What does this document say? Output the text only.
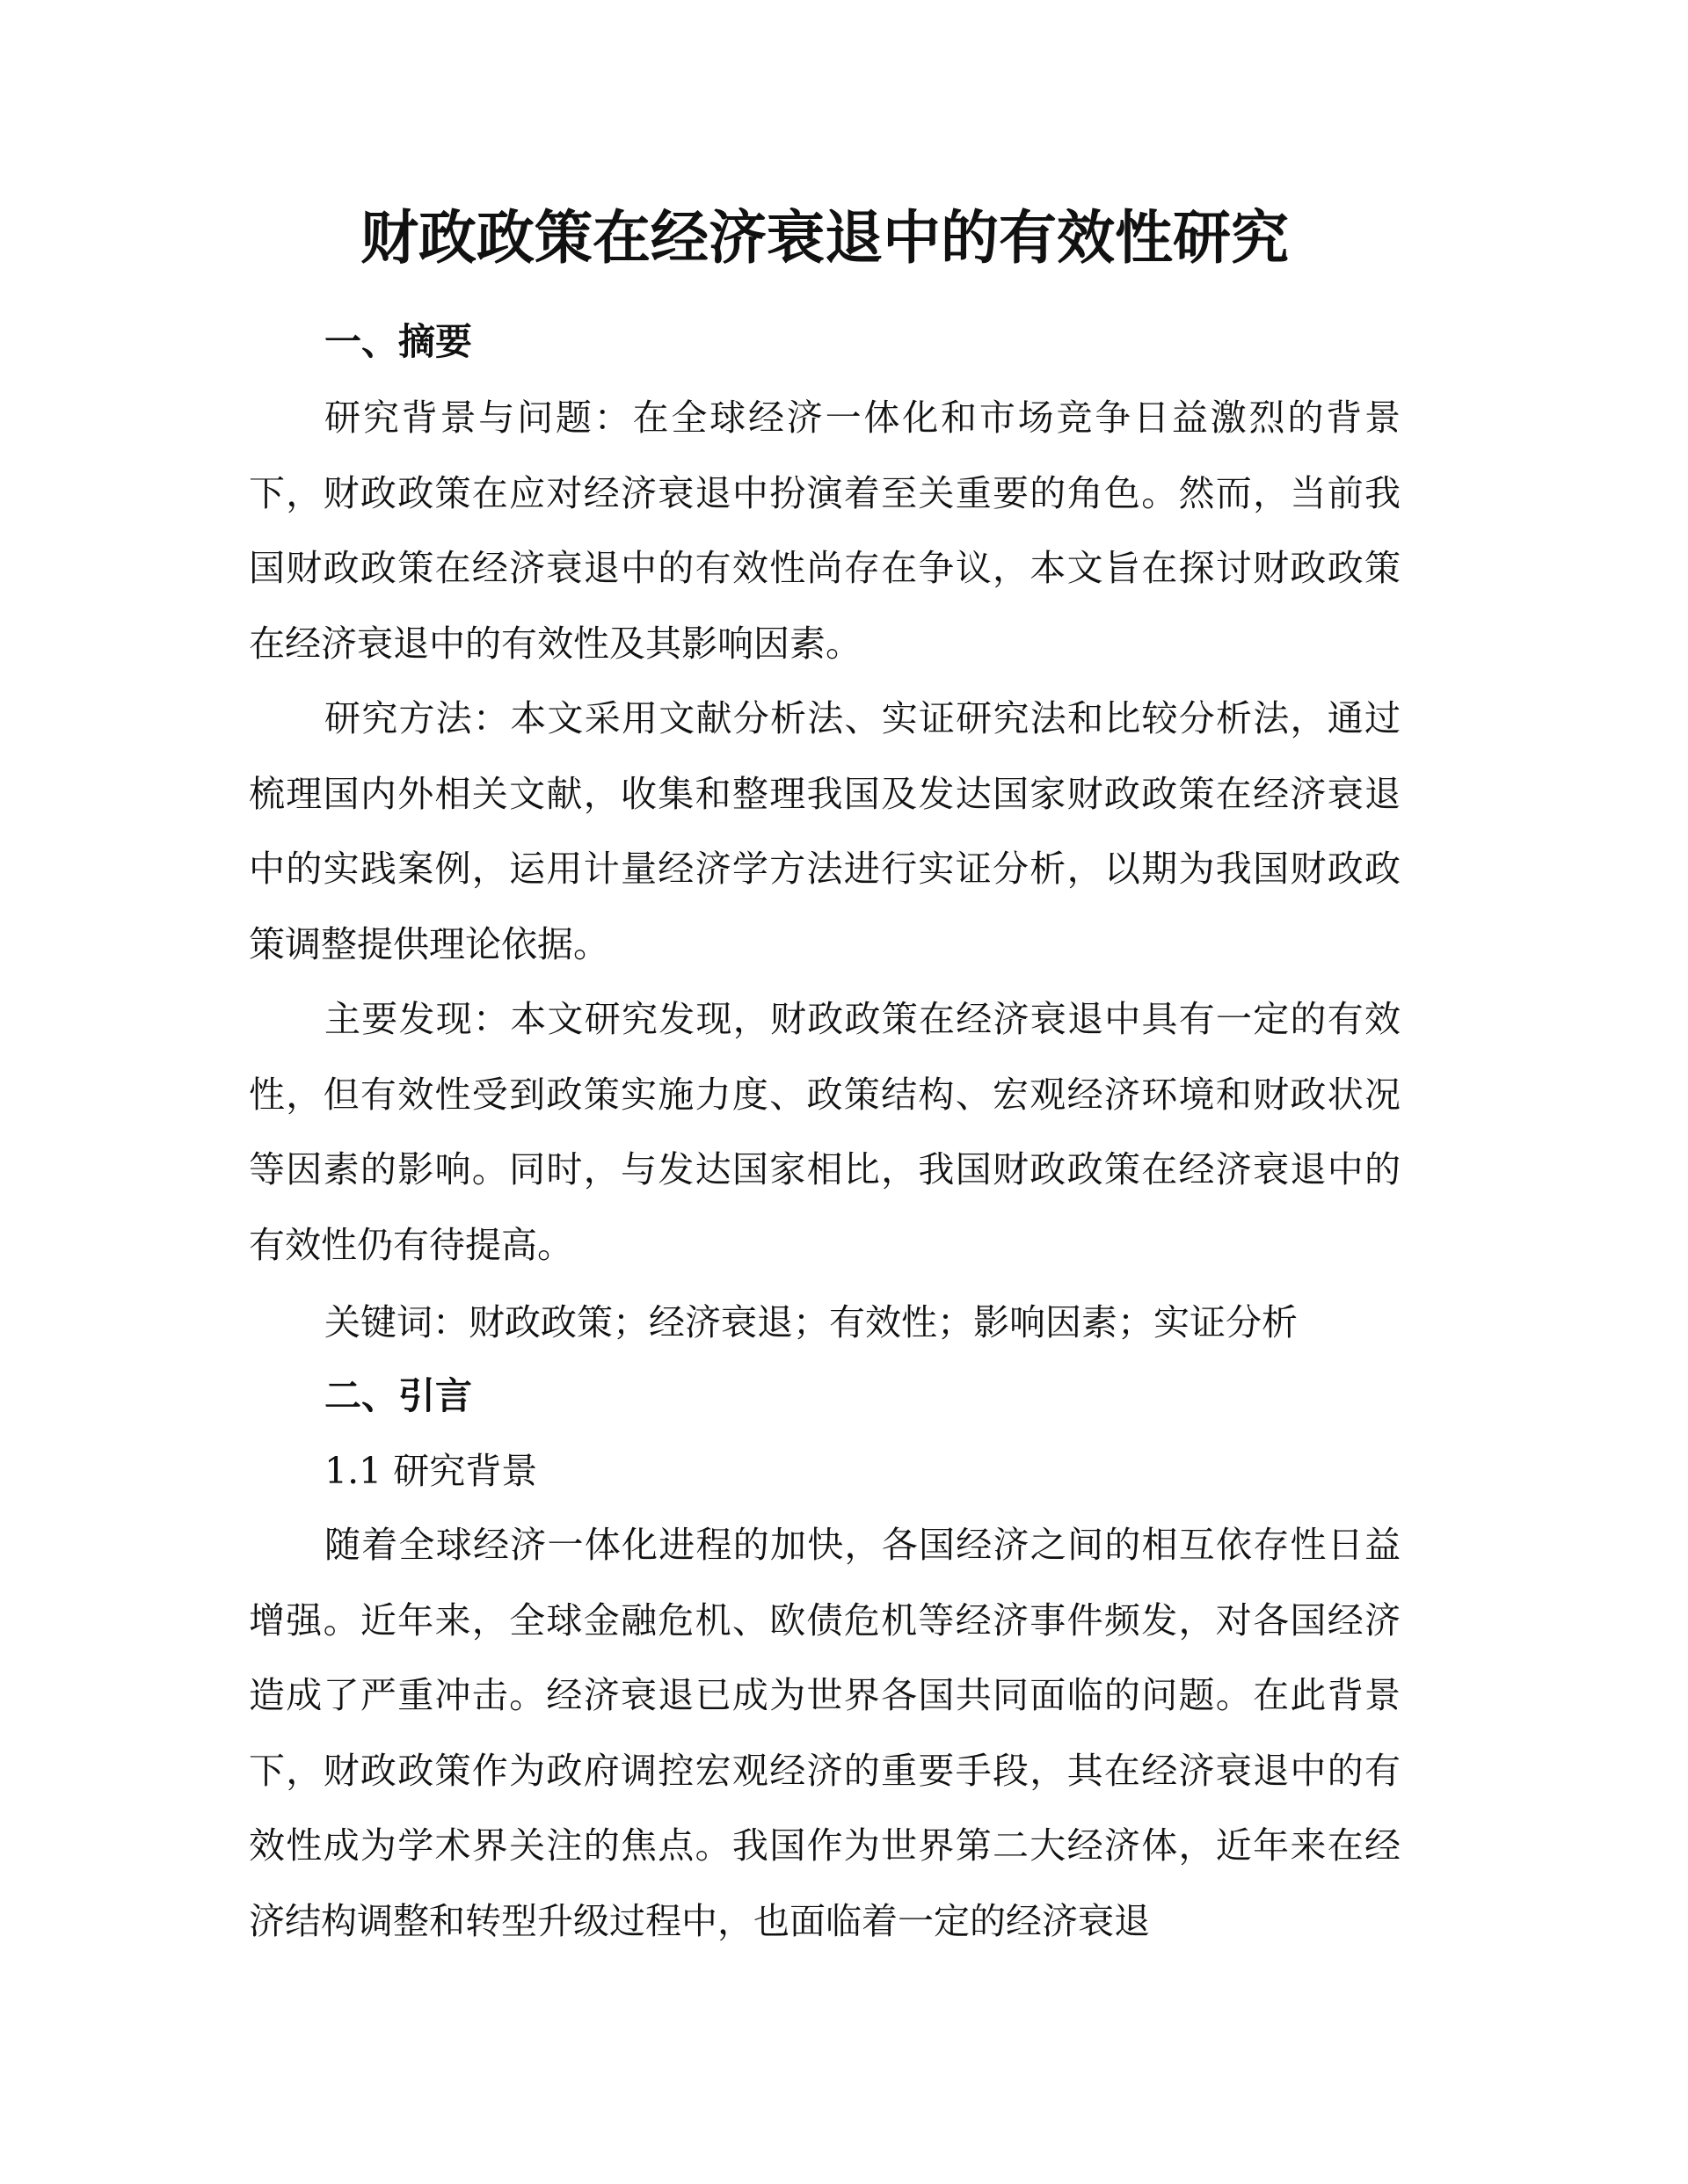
财政政策在经济衰退中的有效性研究
一、摘要

研究背景与问题：在全球经济一体化和市场竞争日益激烈的背景下，财政政策在应对经济衰退中扮演着至关重要的角色。然而，当前我国财政政策在经济衰退中的有效性尚存在争议，本文旨在探讨财政政策在经济衰退中的有效性及其影响因素。

研究方法：本文采用文献分析法、实证研究法和比较分析法，通过梳理国内外相关文献，收集和整理我国及发达国家财政政策在经济衰退中的实践案例，运用计量经济学方法进行实证分析，以期为我国财政政策调整提供理论依据。

主要发现：本文研究发现，财政政策在经济衰退中具有一定的有效性，但有效性受到政策实施力度、政策结构、宏观经济环境和财政状况等因素的影响。同时，与发达国家相比，我国财政政策在经济衰退中的有效性仍有待提高。

关键词：财政政策；经济衰退；有效性；影响因素；实证分析
二、引言
1.1 研究背景

随着全球经济一体化进程的加快，各国经济之间的相互依存性日益增强。近年来，全球金融危机、欧债危机等经济事件频发，对各国经济造成了严重冲击。经济衰退已成为世界各国共同面临的问题。在此背景下，财政政策作为政府调控宏观经济的重要手段，其在经济衰退中的有效性成为学术界关注的焦点。我国作为世界第二大经济体，近年来在经济结构调整和转型升级过程中，也面临着一定的经济衰退
